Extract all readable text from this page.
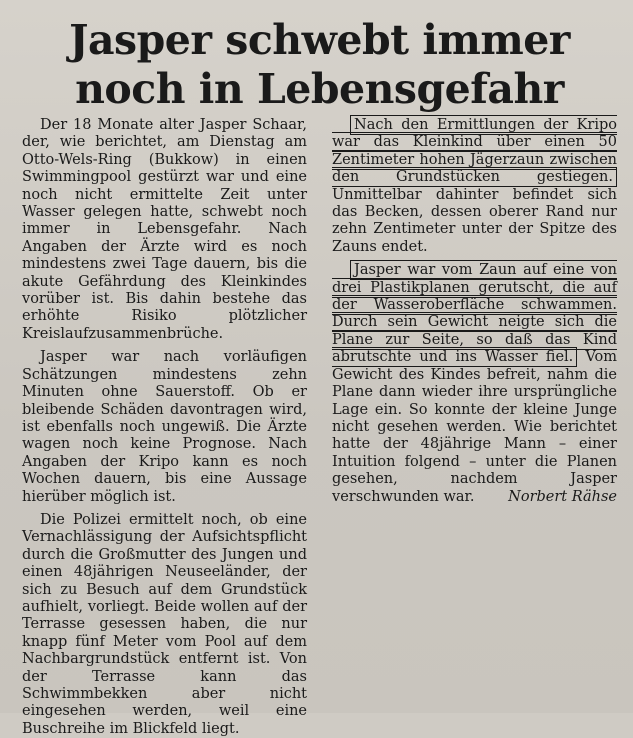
Jasper schwebt immer
noch in Lebensgefahr

Der 18 Monate alter Jasper Schaar, der, wie berichtet, am Dienstag am Otto-Wels-Ring (Bukkow) in einen Swimmingpool gestürzt war und eine noch nicht ermittelte Zeit unter Wasser gelegen hatte, schwebt noch immer in Lebensgefahr. Nach Angaben der Ärzte wird es noch mindestens zwei Tage dauern, bis die akute Gefährdung des Kleinkindes vorüber ist. Bis dahin bestehe das erhöhte Risiko plötzlicher Kreislaufzusammenbrüche.

Jasper war nach vorläufigen Schätzungen mindestens zehn Minuten ohne Sauerstoff. Ob er bleibende Schäden davontragen wird, ist ebenfalls noch ungewiß. Die Ärzte wagen noch keine Prognose. Nach Angaben der Kripo kann es noch Wochen dauern, bis eine Aussage hierüber möglich ist.

Die Polizei ermittelt noch, ob eine Vernachlässigung der Aufsichtspflicht durch die Großmutter des Jungen und einen 48jährigen Neuseeländer, der sich zu Besuch auf dem Grundstück aufhielt, vorliegt. Beide wollen auf der Terrasse gesessen haben, die nur knapp fünf Meter vom Pool auf dem Nachbargrundstück entfernt ist. Von der Terrasse kann das Schwimmbekken aber nicht eingesehen werden, weil eine Buschreihe im Blickfeld liegt.

Nach den Ermittlungen der Kripo war das Kleinkind über einen 50 Zentimeter hohen Jägerzaun zwischen den Grundstücken gestiegen. Unmittelbar dahinter befindet sich das Becken, dessen oberer Rand nur zehn Zentimeter unter der Spitze des Zauns endet.

Jasper war vom Zaun auf eine von drei Plastikplanen gerutscht, die auf der Wasseroberfläche schwammen. Durch sein Gewicht neigte sich die Plane zur Seite, so daß das Kind abrutschte und ins Wasser fiel. Vom Gewicht des Kindes befreit, nahm die Plane dann wieder ihre ursprüngliche Lage ein. So konnte der kleine Junge nicht gesehen werden. Wie berichtet hatte der 48jährige Mann – einer Intuition folgend – unter die Planen gesehen, nachdem Jasper verschwunden war.	Norbert Rähse
